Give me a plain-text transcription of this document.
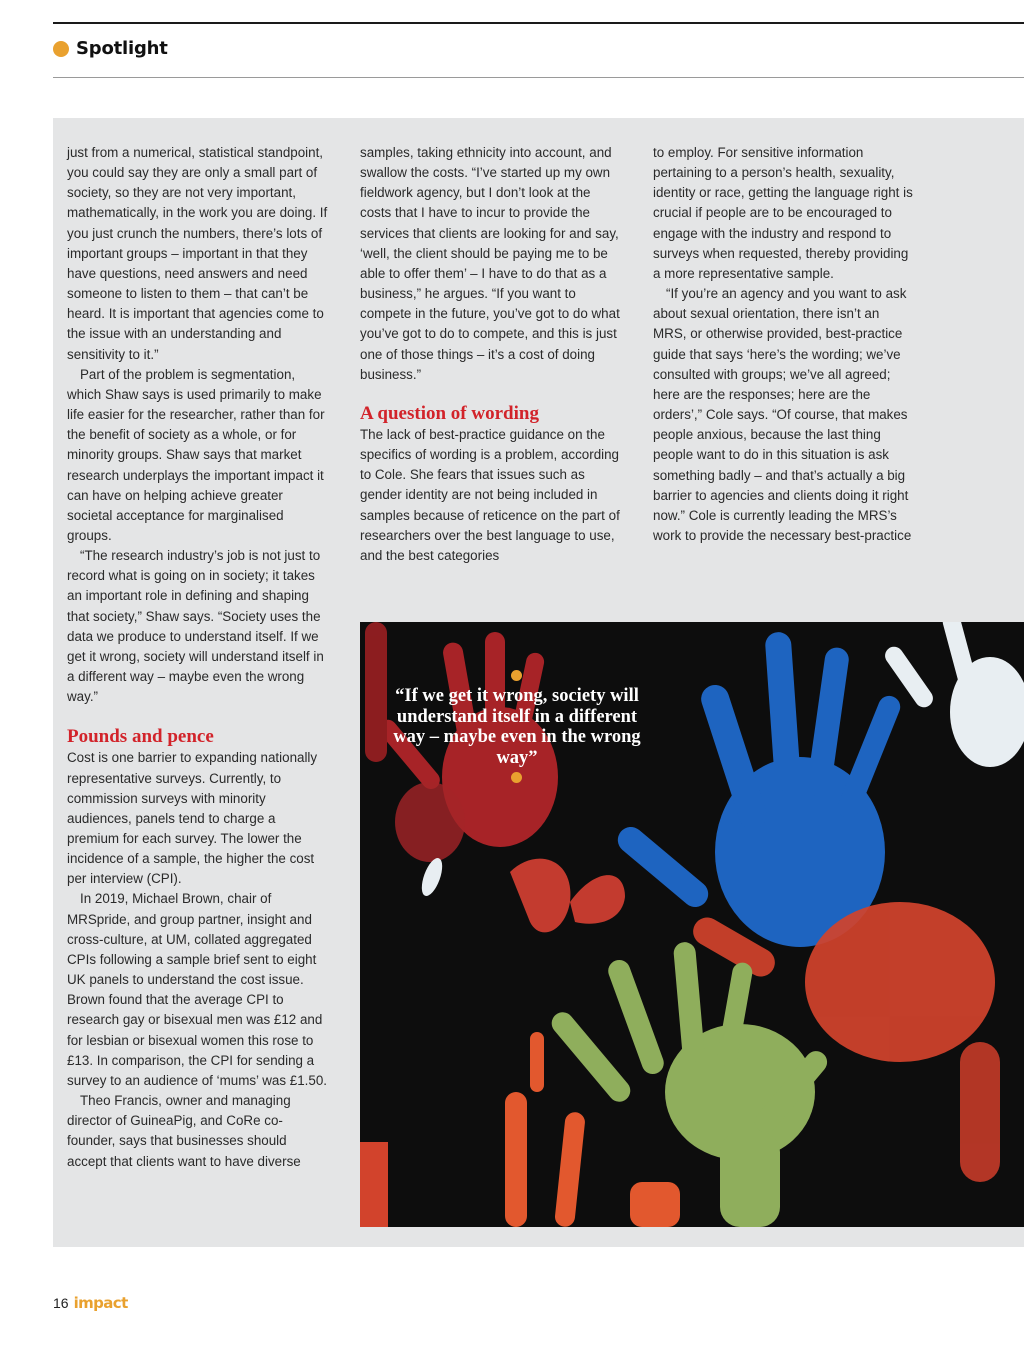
Spotlight

just from a numerical, statistical standpoint, you could say they are only a small part of society, so they are not very important, mathematically, in the work you are doing. If you just crunch the numbers, there’s lots of important groups – important in that they have questions, need answers and need someone to listen to them – that can’t be heard. It is important that agencies come to the issue with an understanding and sensitivity to it.”

Part of the problem is segmentation, which Shaw says is used primarily to make life easier for the researcher, rather than for the benefit of society as a whole, or for minority groups. Shaw says that market research underplays the important impact it can have on helping achieve greater societal acceptance for marginalised groups.

“The research industry’s job is not just to record what is going on in society; it takes an important role in defining and shaping that society,” Shaw says. “Society uses the data we produce to understand itself. If we get it wrong, society will understand itself in a different way – maybe even the wrong way.”

Pounds and pence

Cost is one barrier to expanding nationally representative surveys. Currently, to commission surveys with minority audiences, panels tend to charge a premium for each survey. The lower the incidence of a sample, the higher the cost per interview (CPI).

In 2019, Michael Brown, chair of MRSpride, and group partner, insight and cross-culture, at UM, collated aggregated CPIs following a sample brief sent to eight UK panels to understand the cost issue. Brown found that the average CPI to research gay or bisexual men was £12 and for lesbian or bisexual women this rose to £13. In comparison, the CPI for sending a survey to an audience of ‘mums’ was £1.50.

Theo Francis, owner and managing director of GuineaPig, and CoRe co-founder, says that businesses should accept that clients want to have diverse

samples, taking ethnicity into account, and swallow the costs. “I’ve started up my own fieldwork agency, but I don’t look at the costs that I have to incur to provide the services that clients are looking for and say, ‘well, the client should be paying me to be able to offer them’ – I have to do that as a business,” he argues. “If you want to compete in the future, you’ve got to do what you’ve got to do to compete, and this is just one of those things – it’s a cost of doing business.”

A question of wording

The lack of best-practice guidance on the specifics of wording is a problem, according to Cole. She fears that issues such as gender identity are not being included in samples because of reticence on the part of researchers over the best language to use, and the best categories

to employ. For sensitive information pertaining to a person’s health, sexuality, identity or race, getting the language right is crucial if people are to be encouraged to engage with the industry and respond to surveys when requested, thereby providing a more representative sample.

“If you’re an agency and you want to ask about sexual orientation, there isn’t an MRS, or otherwise provided, best-practice guide that says ‘here’s the wording; we’ve consulted with groups; we’ve all agreed; here are the responses; here are the orders’,” Cole says. “Of course, that makes people anxious, because the last thing people want to do in this situation is ask something badly – and that’s actually a big barrier to agencies and clients doing it right now.” Cole is currently leading the MRS’s work to provide the necessary best-practice

“If we get it wrong, society will understand itself in a different way – maybe even in the wrong way”
16 impact
